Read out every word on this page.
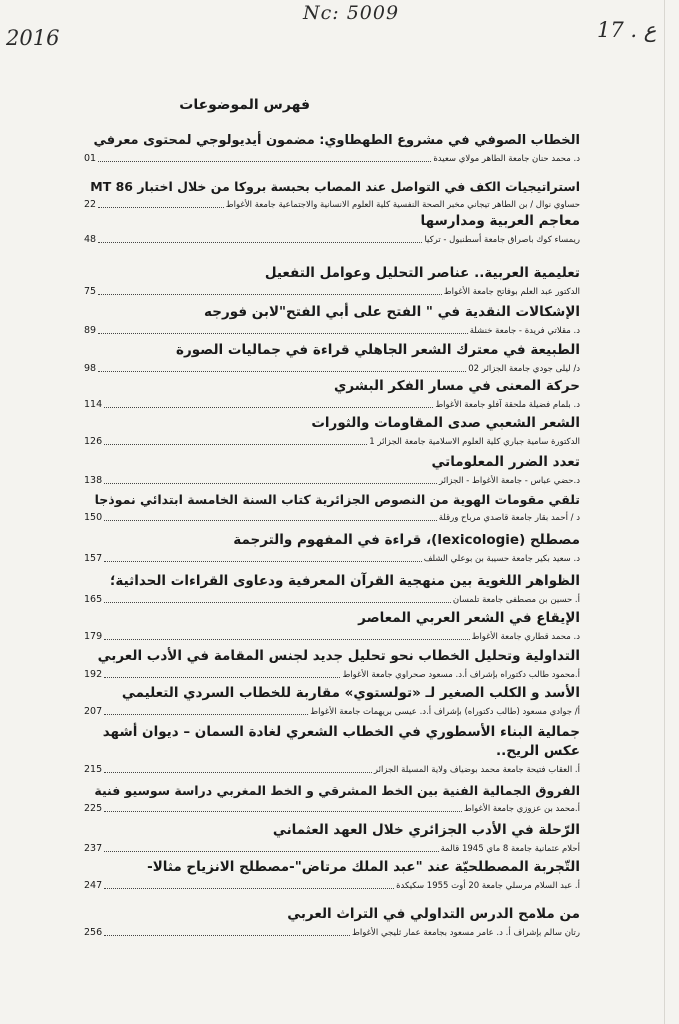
2016
Nc: 5009
17 . ع
فهرس الموضوعات
الخطاب الصوفي في مشروع الطهطاوي: مضمون أيديولوجي لمحتوى معرفي
د. محمد حنان جامعة الطاهر مولاي سعيدة
01
استراتيجيات الكف في التواصل عند المصاب بحبسة بروكا من خلال اختبار MT 86
حساوي نوال / بن الطاهر تيجاني مخبر الصحة النفسية كلية العلوم الانسانية والاجتماعية جامعة الأغواط
22
معاجم العربية ومدارسها
ريمساء كوك باصراق جامعة أسطنبول - تركيا
48
تعليمية العربية.. عناصر التحليل وعوامل التفعيل
الدكتور عبد العلم بوفاتح جامعة الأغواط
75
الإشكالات النقدية في " الفتح على أبي الفتح"لابن فورجه
د. مقلاتي فريدة - جامعة خنشلة
89
الطبيعة في معترك الشعر الجاهلي قراءة في جماليات الصورة
د/ ليلى جودي جامعة الجزائر 02
98
حركة المعنى في مسار الفكر البشري
د. بلمام فضيلة ملحقة آفلو جامعة الأغواط
114
الشعر الشعبي صدى المقاومات والثورات
الدكتورة سامية جباري كلية العلوم الاسلامية جامعة الجزائر 1
126
تعدد الضرر المعلوماتي
د.حضي عباس - جامعة الأغواط - الجزائر
138
تلقي مقومات الهوية من النصوص الجزائرية كتاب السنة الخامسة ابتدائي نموذجا
د / أحمد بقار جامعة قاصدي مرباح ورقلة
150
مصطلح (lexicologie)، قراءة في المفهوم والترجمة
د. سعيد بكير جامعة حسيبة بن بوعلي الشلف
157
الظواهر اللغوية بين منهجية القرآن المعرفية ودعاوى القراءات الحداثية؛
أ. حسين بن مصطفى جامعة تلمسان
165
الإيقاع في الشعر العربي المعاصر
د. محمد قطاري جامعة الأغواط
179
التداولية وتحليل الخطاب نحو تحليل جديد لجنس المقامة في الأدب العربي
أ.محمود طالب دكتوراه بإشراف أ.د. مسعود صحراوي جامعة الأغواط
192
الأسد و الكلب الصغير لـ «تولستوي» مقاربة للخطاب السردي التعليمي
أ/ جوادي مسعود (طالب دكتوراه) بإشراف أ.د. عيسى بريهمات جامعة الأغواط
207
جمالية البناء الأسطوري في الخطاب الشعري لغادة السمان – ديوان أشهد عكس الريح..
أ. العقاب فتيحة جامعة محمد بوضياف ولاية المسيلة الجزائر
215
الفروق الجمالية الفنية بين الخط المشرقي و الخط المغربي دراسة سوسيو فنية
أ.محمد بن عزوزي جامعة الأغواط
225
الرّحلة في الأدب الجزائري خلال العهد العثماني
أحلام عثمانية جامعة 8 ماي 1945 قالمة
237
التّجربة المصطلحيّة عند "عبد الملك مرتاض"-مصطلح الانزياح مثالا-
أ. عبد السلام مرسلي جامعة 20 أوت 1955 سكيكدة
247
من ملامح الدرس التداولي في التراث العربي
رتان سالم بإشراف أ. د. عامر مسعود بجامعة عمار ثليجي الأغواط
256
